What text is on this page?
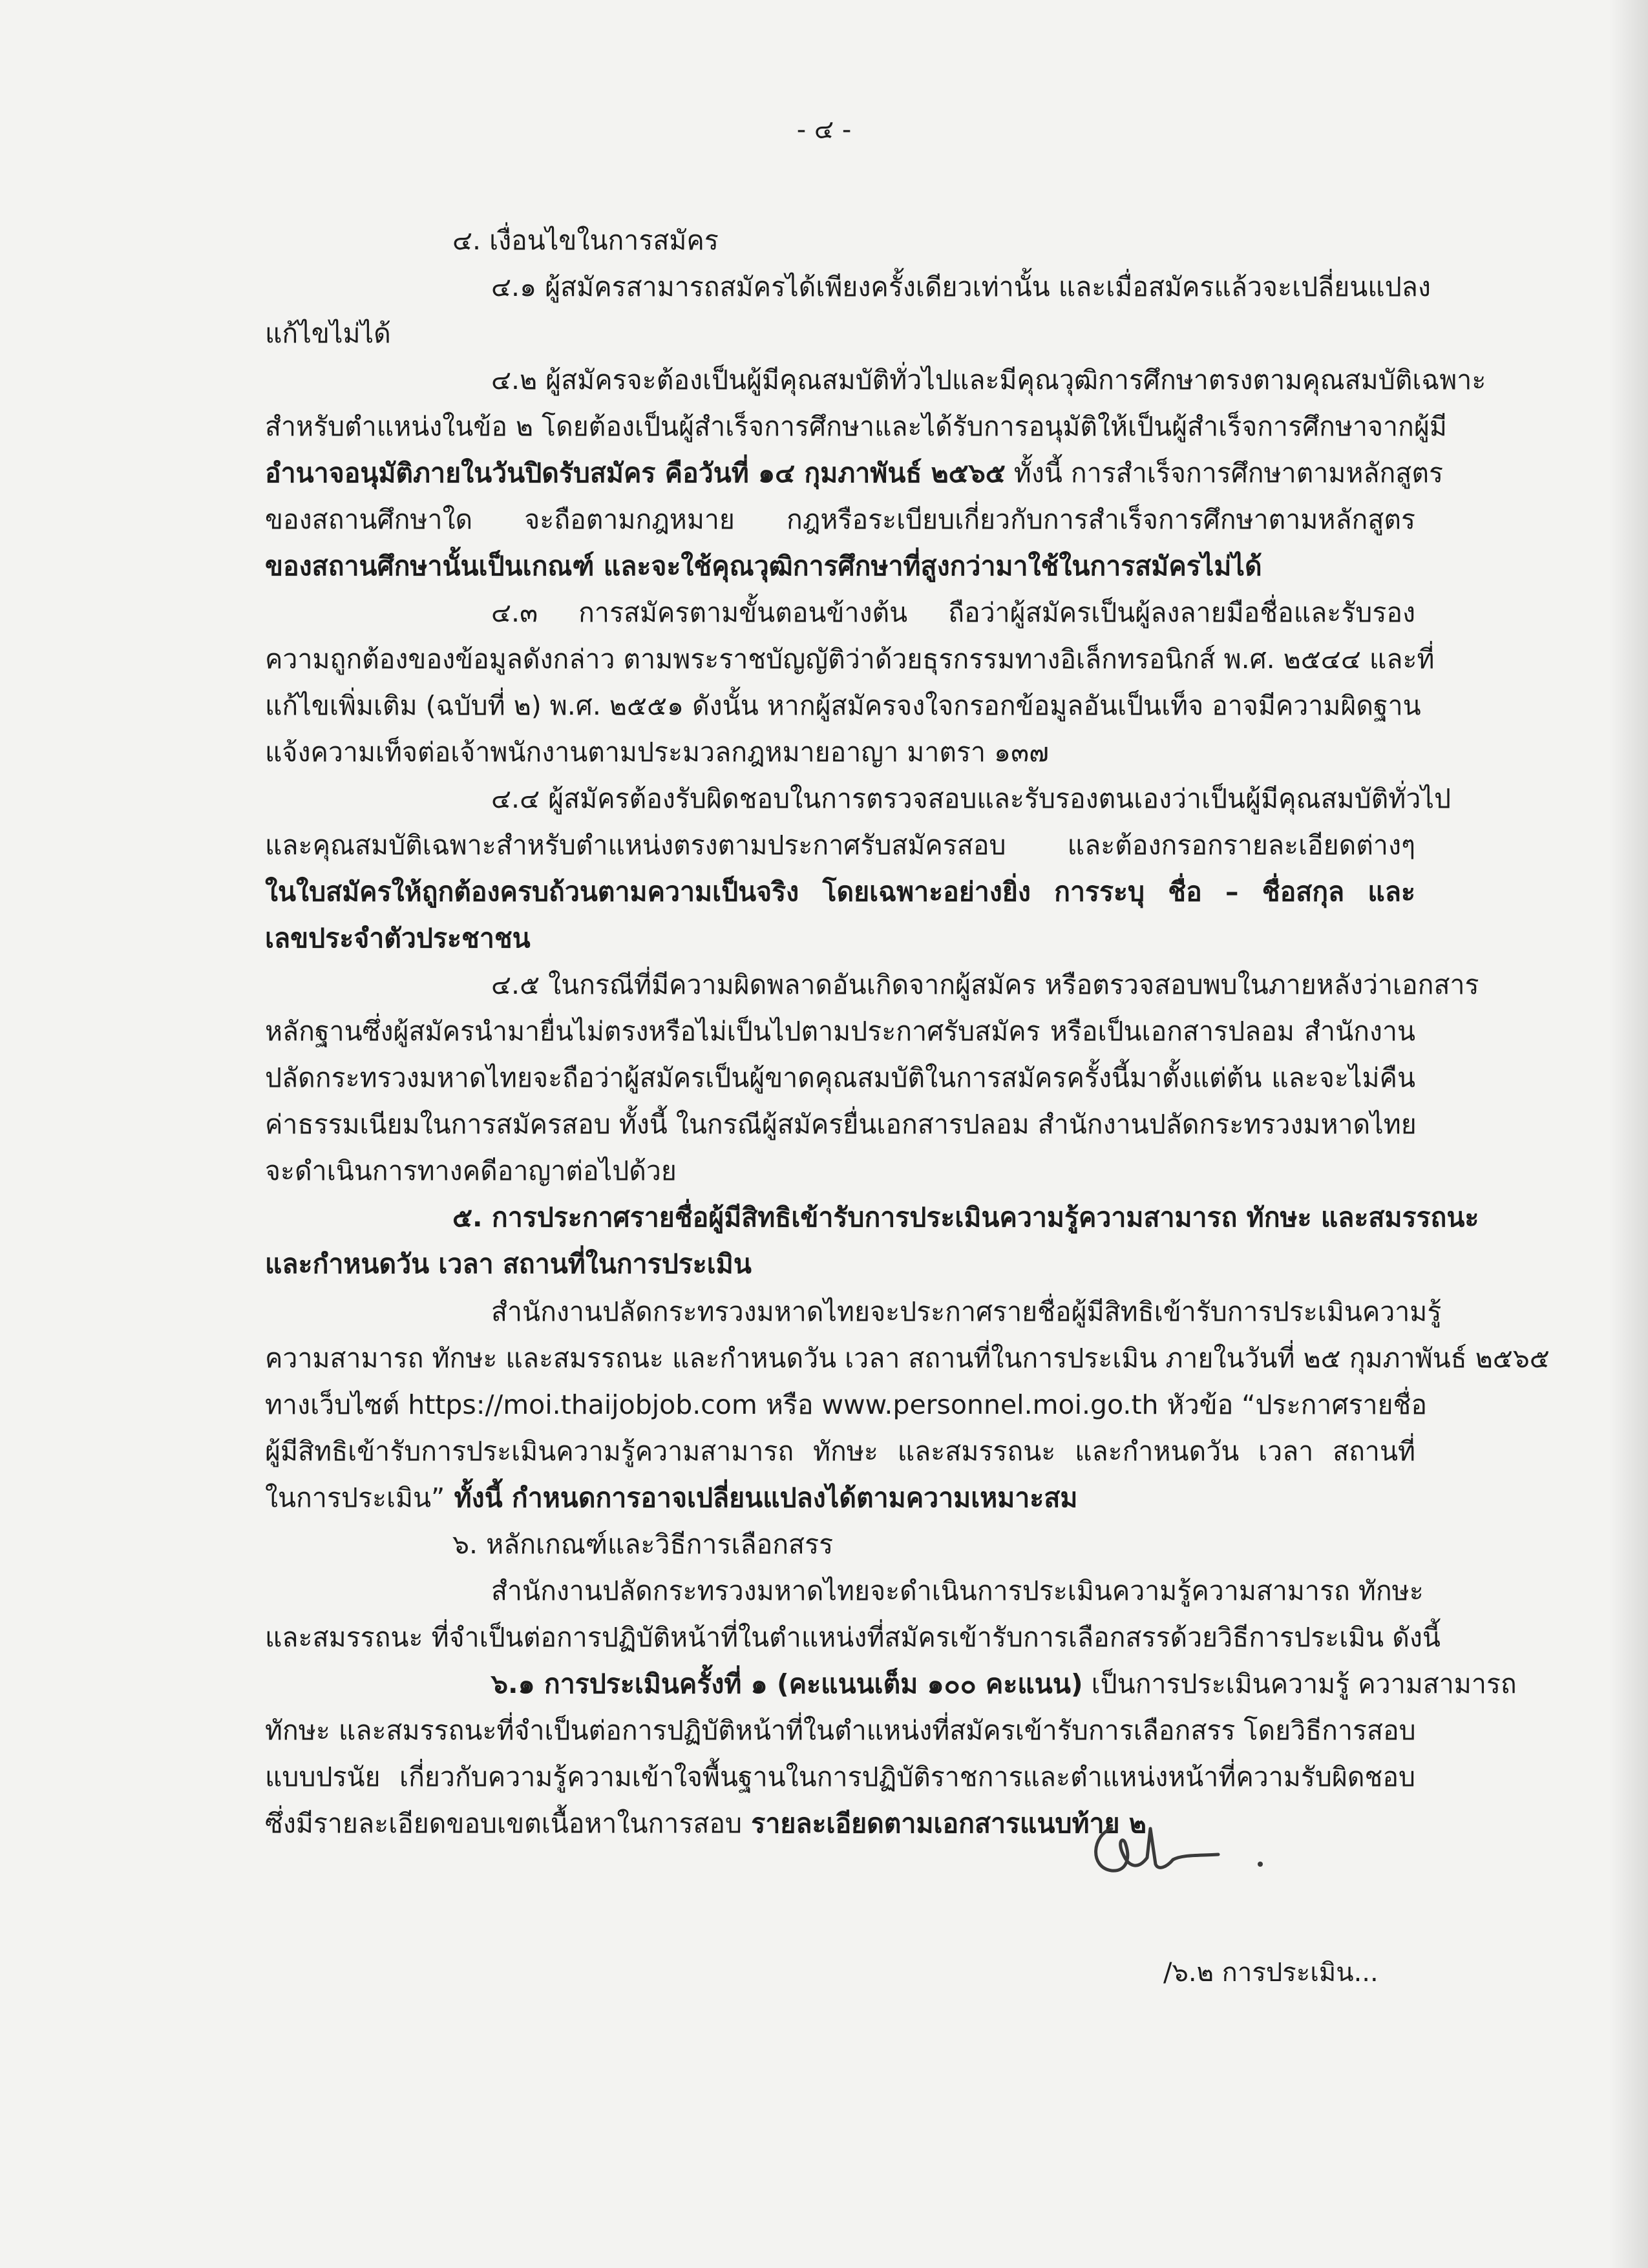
- ๔ -
๔. เงื่อนไขในการสมัคร
๔.๑ ผู้สมัครสามารถสมัครได้เพียงครั้งเดียวเท่านั้น และเมื่อสมัครแล้วจะเปลี่ยนแปลง
แก้ไขไม่ได้
๔.๒ ผู้สมัครจะต้องเป็นผู้มีคุณสมบัติทั่วไปและมีคุณวุฒิการศึกษาตรงตามคุณสมบัติเฉพาะ
สำหรับตำแหน่งในข้อ ๒ โดยต้องเป็นผู้สำเร็จการศึกษาและได้รับการอนุมัติให้เป็นผู้สำเร็จการศึกษาจากผู้มี
อำนาจอนุมัติภายในวันปิดรับสมัคร คือวันที่ ๑๔ กุมภาพันธ์ ๒๕๖๕ ทั้งนี้ การสำเร็จการศึกษาตามหลักสูตร
ของสถานศึกษาใด จะถือตามกฎหมาย กฎหรือระเบียบเกี่ยวกับการสำเร็จการศึกษาตามหลักสูตร
ของสถานศึกษานั้นเป็นเกณฑ์ และจะใช้คุณวุฒิการศึกษาที่สูงกว่ามาใช้ในการสมัครไม่ได้
๔.๓ การสมัครตามขั้นตอนข้างต้น ถือว่าผู้สมัครเป็นผู้ลงลายมือชื่อและรับรอง
ความถูกต้องของข้อมูลดังกล่าว ตามพระราชบัญญัติว่าด้วยธุรกรรมทางอิเล็กทรอนิกส์ พ.ศ. ๒๕๔๔ และที่
แก้ไขเพิ่มเติม (ฉบับที่ ๒) พ.ศ. ๒๕๕๑ ดังนั้น หากผู้สมัครจงใจกรอกข้อมูลอันเป็นเท็จ อาจมีความผิดฐาน
แจ้งความเท็จต่อเจ้าพนักงานตามประมวลกฎหมายอาญา มาตรา ๑๓๗
๔.๔ ผู้สมัครต้องรับผิดชอบในการตรวจสอบและรับรองตนเองว่าเป็นผู้มีคุณสมบัติทั่วไป
และคุณสมบัติเฉพาะสำหรับตำแหน่งตรงตามประกาศรับสมัครสอบ และต้องกรอกรายละเอียดต่างๆ
ในใบสมัครให้ถูกต้องครบถ้วนตามความเป็นจริง โดยเฉพาะอย่างยิ่ง การระบุ ชื่อ – ชื่อสกุล และ
เลขประจำตัวประชาชน
๔.๕ ในกรณีที่มีความผิดพลาดอันเกิดจากผู้สมัคร หรือตรวจสอบพบในภายหลังว่าเอกสาร
หลักฐานซึ่งผู้สมัครนำมายื่นไม่ตรงหรือไม่เป็นไปตามประกาศรับสมัคร หรือเป็นเอกสารปลอม สำนักงาน
ปลัดกระทรวงมหาดไทยจะถือว่าผู้สมัครเป็นผู้ขาดคุณสมบัติในการสมัครครั้งนี้มาตั้งแต่ต้น และจะไม่คืน
ค่าธรรมเนียมในการสมัครสอบ ทั้งนี้ ในกรณีผู้สมัครยื่นเอกสารปลอม สำนักงานปลัดกระทรวงมหาดไทย
จะดำเนินการทางคดีอาญาต่อไปด้วย
๕. การประกาศรายชื่อผู้มีสิทธิเข้ารับการประเมินความรู้ความสามารถ ทักษะ และสมรรถนะ
และกำหนดวัน เวลา สถานที่ในการประเมิน
สำนักงานปลัดกระทรวงมหาดไทยจะประกาศรายชื่อผู้มีสิทธิเข้ารับการประเมินความรู้
ความสามารถ ทักษะ และสมรรถนะ และกำหนดวัน เวลา สถานที่ในการประเมิน ภายในวันที่ ๒๕ กุมภาพันธ์ ๒๕๖๕
ทางเว็บไซต์ https://moi.thaijobjob.com หรือ www.personnel.moi.go.th หัวข้อ “ประกาศรายชื่อ
ผู้มีสิทธิเข้ารับการประเมินความรู้ความสามารถ ทักษะ และสมรรถนะ และกำหนดวัน เวลา สถานที่
ในการประเมิน” ทั้งนี้ กำหนดการอาจเปลี่ยนแปลงได้ตามความเหมาะสม
๖. หลักเกณฑ์และวิธีการเลือกสรร
สำนักงานปลัดกระทรวงมหาดไทยจะดำเนินการประเมินความรู้ความสามารถ ทักษะ
และสมรรถนะ ที่จำเป็นต่อการปฏิบัติหน้าที่ในตำแหน่งที่สมัครเข้ารับการเลือกสรรด้วยวิธีการประเมิน ดังนี้
๖.๑ การประเมินครั้งที่ ๑ (คะแนนเต็ม ๑๐๐ คะแนน) เป็นการประเมินความรู้ ความสามารถ
ทักษะ และสมรรถนะที่จำเป็นต่อการปฏิบัติหน้าที่ในตำแหน่งที่สมัครเข้ารับการเลือกสรร โดยวิธีการสอบ
แบบปรนัย เกี่ยวกับความรู้ความเข้าใจพื้นฐานในการปฏิบัติราชการและตำแหน่งหน้าที่ความรับผิดชอบ
ซึ่งมีรายละเอียดขอบเขตเนื้อหาในการสอบ รายละเอียดตามเอกสารแนบท้าย ๒
/๖.๒ การประเมิน...
